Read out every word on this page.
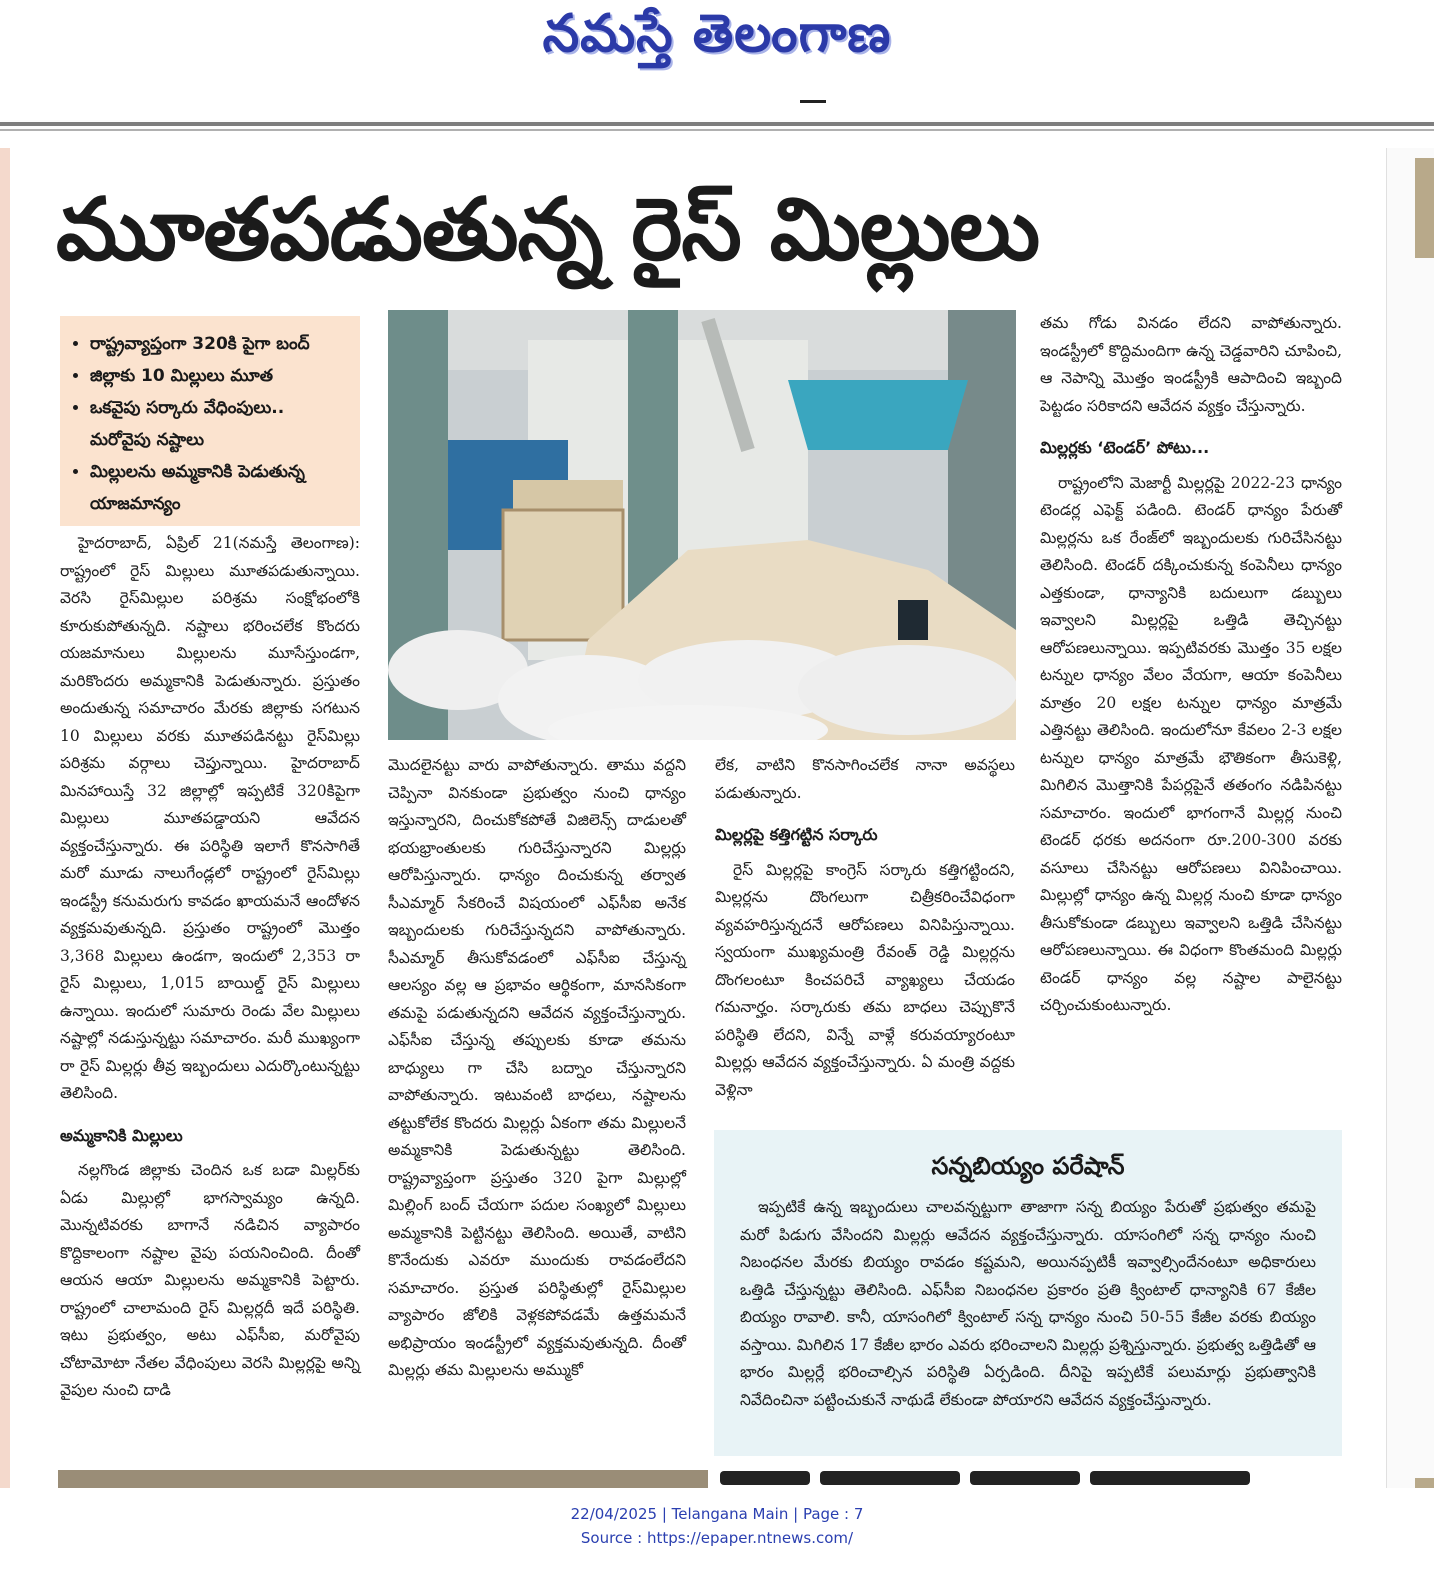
నమస్తే తెలంగాణ
మూతపడుతున్న రైస్ మిల్లులు
• రాష్ట్రవ్యాప్తంగా 320కి పైగా బంద్
• జిల్లాకు 10 మిల్లులు మూత
• ఒకవైపు సర్కారు వేధింపులు.. మరోవైపు నష్టాలు
• మిల్లులను అమ్మకానికి పెడుతున్న యాజమాన్యం

హైదరాబాద్, ఏప్రిల్ 21(నమస్తే తెలంగాణ): రాష్ట్రంలో రైస్ మిల్లులు మూతపడుతున్నాయి. వెరసి రైస్‌మిల్లుల పరిశ్రమ సంక్షోభంలోకి కూరుకుపోతున్నది. నష్టాలు భరించలేక కొందరు యజమానులు మిల్లులను మూసేస్తుండగా, మరికొందరు అమ్మకానికి పెడుతున్నారు. ప్రస్తుతం అందుతున్న సమాచారం మేరకు జిల్లాకు సగటున 10 మిల్లులు వరకు మూతపడినట్టు రైస్‌మిల్లు పరిశ్రమ వర్గాలు చెప్తున్నాయి. హైదరాబాద్ మినహాయిస్తే 32 జిల్లాల్లో ఇప్పటికే 320కిపైగా మిల్లులు మూతపడ్డాయని ఆవేదన వ్యక్తంచేస్తున్నారు. ఈ పరిస్థితి ఇలాగే కొనసాగితే మరో మూడు నాలుగేండ్లలో రాష్ట్రంలో రైస్‌మిల్లు ఇండస్ట్రీ కనుమరుగు కావడం ఖాయమనే ఆందోళన వ్యక్తమవుతున్నది. ప్రస్తుతం రాష్ట్రంలో మొత్తం 3,368 మిల్లులు ఉండగా, ఇందులో 2,353 రా రైస్ మిల్లులు, 1,015 బాయిల్డ్ రైస్ మిల్లులు ఉన్నాయి. ఇందులో సుమారు రెండు వేల మిల్లులు నష్టాల్లో నడుస్తున్నట్టు సమాచారం. మరీ ముఖ్యంగా రా రైస్ మిల్లర్లు తీవ్ర ఇబ్బందులు ఎదుర్కొంటున్నట్టు తెలిసింది.

అమ్మకానికి మిల్లులు

నల్లగొండ జిల్లాకు చెందిన ఒక బడా మిల్లర్‌కు ఏడు మిల్లుల్లో భాగస్వామ్యం ఉన్నది. మొన్నటివరకు బాగానే నడిచిన వ్యాపారం కొద్దికాలంగా నష్టాల వైపు పయనించింది. దీంతో ఆయన ఆయా మిల్లులను అమ్మకానికి పెట్టారు. రాష్ట్రంలో చాలామంది రైస్ మిల్లర్లదీ ఇదే పరిస్థితి. ఇటు ప్రభుత్వం, అటు ఎఫ్‌సీఐ, మరోవైపు చోటామోటా నేతల వేధింపులు వెరసి మిల్లర్లపై అన్ని వైపుల నుంచి దాడి

మొదలైనట్టు వారు వాపోతున్నారు. తాము వద్దని చెప్పినా వినకుండా ప్రభుత్వం నుంచి ధాన్యం ఇస్తున్నారని, దించుకోకపోతే విజిలెన్స్ దాడులతో భయభ్రాంతులకు గురిచేస్తున్నారని మిల్లర్లు ఆరోపిస్తున్నారు. ధాన్యం దించుకున్న తర్వాత సీఎమ్మార్ సేకరించే విషయంలో ఎఫ్‌సీఐ అనేక ఇబ్బందులకు గురిచేస్తున్నదని వాపోతున్నారు. సీఎమ్మార్ తీసుకోవడంలో ఎఫ్‌సీఐ చేస్తున్న ఆలస్యం వల్ల ఆ ప్రభావం ఆర్థికంగా, మానసికంగా తమపై పడుతున్నదని ఆవేదన వ్యక్తంచేస్తున్నారు. ఎఫ్‌సీఐ చేస్తున్న తప్పులకు కూడా తమను బాధ్యులు గా చేసి బద్నాం చేస్తున్నారని వాపోతున్నారు. ఇటువంటి బాధలు, నష్టాలను తట్టుకోలేక కొందరు మిల్లర్లు ఏకంగా తమ మిల్లులనే అమ్మకానికి పెడుతున్నట్టు తెలిసింది. రాష్ట్రవ్యాప్తంగా ప్రస్తుతం 320 పైగా మిల్లుల్లో మిల్లింగ్ బంద్ చేయగా పదుల సంఖ్యలో మిల్లులు అమ్మకానికి పెట్టినట్టు తెలిసింది. అయితే, వాటిని కొనేందుకు ఎవరూ ముందుకు రావడంలేదని సమాచారం. ప్రస్తుత పరిస్థితుల్లో రైస్‌మిల్లుల వ్యాపారం జోలికి వెళ్లకపోవడమే ఉత్తమమనే అభిప్రాయం ఇండస్ట్రీలో వ్యక్తమవుతున్నది. దీంతో మిల్లర్లు తమ మిల్లులను అమ్ముకో

లేక, వాటిని కొనసాగించలేక నానా అవస్థలు పడుతున్నారు.

మిల్లర్లపై కత్తిగట్టిన సర్కారు

రైస్ మిల్లర్లపై కాంగ్రెస్ సర్కారు కత్తిగట్టిందని, మిల్లర్లను దొంగలుగా చిత్రీకరించేవిధంగా వ్యవహరిస్తున్నదనే ఆరోపణలు వినిపిస్తున్నాయి. స్వయంగా ముఖ్యమంత్రి రేవంత్ రెడ్డి మిల్లర్లను దొంగలంటూ కించపరిచే వ్యాఖ్యలు చేయడం గమనార్హం. సర్కారుకు తమ బాధలు చెప్పుకొనే పరిస్థితి లేదని, విన్నే వాళ్లే కరువయ్యారంటూ మిల్లర్లు ఆవేదన వ్యక్తంచేస్తున్నారు. ఏ మంత్రి వద్దకు వెళ్లినా

తమ గోడు వినడం లేదని వాపోతున్నారు. ఇండస్ట్రీలో కొద్దిమందిగా ఉన్న చెడ్డవారిని చూపించి, ఆ నెపాన్ని మొత్తం ఇండస్ట్రీకి ఆపాదించి ఇబ్బంది పెట్టడం సరికాదని ఆవేదన వ్యక్తం చేస్తున్నారు.

మిల్లర్లకు ‘టెండర్’ పోటు...

రాష్ట్రంలోని మెజార్టీ మిల్లర్లపై 2022-23 ధాన్యం టెండర్ల ఎఫెక్ట్ పడింది. టెండర్ ధాన్యం పేరుతో మిల్లర్లను ఒక రేంజ్‌లో ఇబ్బందులకు గురిచేసినట్టు తెలిసింది. టెండర్ దక్కించుకున్న కంపెనీలు ధాన్యం ఎత్తకుండా, ధాన్యానికి బదులుగా డబ్బులు ఇవ్వాలని మిల్లర్లపై ఒత్తిడి తెచ్చినట్టు ఆరోపణలున్నాయి. ఇప్పటివరకు మొత్తం 35 లక్షల టన్నుల ధాన్యం వేలం వేయగా, ఆయా కంపెనీలు మాత్రం 20 లక్షల టన్నుల ధాన్యం మాత్రమే ఎత్తినట్టు తెలిసింది. ఇందులోనూ కేవలం 2-3 లక్షల టన్నుల ధాన్యం మాత్రమే భౌతికంగా తీసుకెళ్లి, మిగిలిన మొత్తానికి పేపర్లపైనే తతంగం నడిపినట్టు సమాచారం. ఇందులో భాగంగానే మిల్లర్ల నుంచి టెండర్ ధరకు అదనంగా రూ.200-300 వరకు వసూలు చేసినట్టు ఆరోపణలు వినిపించాయి. మిల్లుల్లో ధాన్యం ఉన్న మిల్లర్ల నుంచి కూడా ధాన్యం తీసుకోకుండా డబ్బులు ఇవ్వాలని ఒత్తిడి చేసినట్టు ఆరోపణలున్నాయి. ఈ విధంగా కొంతమంది మిల్లర్లు టెండర్ ధాన్యం వల్ల నష్టాల పాలైనట్టు చర్చించుకుంటున్నారు.

సన్నబియ్యం పరేషాన్

ఇప్పటికే ఉన్న ఇబ్బందులు చాలవన్నట్టుగా తాజాగా సన్న బియ్యం పేరుతో ప్రభుత్వం తమపై మరో పిడుగు వేసిందని మిల్లర్లు ఆవేదన వ్యక్తంచేస్తున్నారు. యాసంగిలో సన్న ధాన్యం నుంచి నిబంధనల మేరకు బియ్యం రావడం కష్టమని, అయినప్పటికీ ఇవ్వాల్సిందేనంటూ అధికారులు ఒత్తిడి చేస్తున్నట్టు తెలిసింది. ఎఫ్‌సీఐ నిబంధనల ప్రకారం ప్రతి క్వింటాల్ ధాన్యానికి 67 కేజీల బియ్యం రావాలి. కానీ, యాసంగిలో క్వింటాల్ సన్న ధాన్యం నుంచి 50-55 కేజీల వరకు బియ్యం వస్తాయి. మిగిలిన 17 కేజీల భారం ఎవరు భరించాలని మిల్లర్లు ప్రశ్నిస్తున్నారు. ప్రభుత్వ ఒత్తిడితో ఆ భారం మిల్లర్లే భరించాల్సిన పరిస్థితి ఏర్పడింది. దీనిపై ఇప్పటికే పలుమార్లు ప్రభుత్వానికి నివేదించినా పట్టించుకునే నాథుడే లేకుండా పోయారని ఆవేదన వ్యక్తంచేస్తున్నారు.

22/04/2025 | Telangana Main | Page : 7
Source : https://epaper.ntnews.com/
